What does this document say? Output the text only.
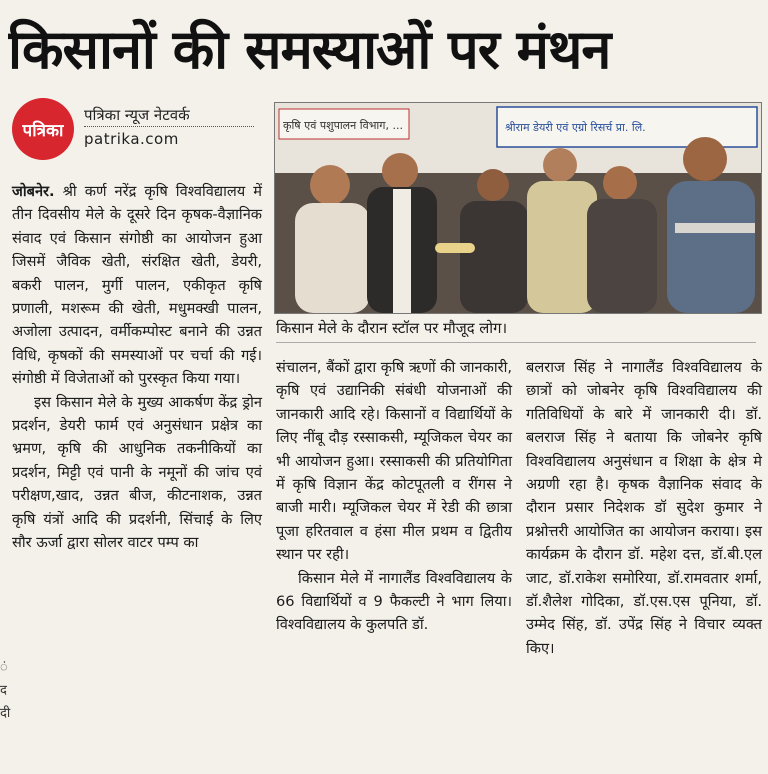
किसानों की समस्याओं पर मंथन
पत्रिका
पत्रिका न्यूज नेटवर्क
patrika.com

जोबनेर. श्री कर्ण नरेंद्र कृषि विश्वविद्यालय में तीन दिवसीय मेले के दूसरे दिन कृषक-वैज्ञानिक संवाद एवं किसान संगोष्ठी का आयोजन हुआ जिसमें जैविक खेती, संरक्षित खेती, डेयरी, बकरी पालन, मुर्गी पालन, एकीकृत कृषि प्रणाली, मशरूम की खेती, मधुमक्खी पालन, अजोला उत्पादन, वर्मीकम्पोस्ट बनाने की उन्नत विधि, कृषकों की समस्याओं पर चर्चा की गई। संगोष्ठी में विजेताओं को पुरस्कृत किया गया।

इस किसान मेले के मुख्य आकर्षण केंद्र ड्रोन प्रदर्शन, डेयरी फार्म एवं अनुसंधान प्रक्षेत्र का भ्रमण, कृषि की आधुनिक तकनीकियों का प्रदर्शन, मिट्टी एवं पानी के नमूनों की जांच एवं परीक्षण,खाद, उन्नत बीज, कीटनाशक, उन्नत कृषि यंत्रों आदि की प्रदर्शनी, सिंचाई के लिए सौर ऊर्जा द्वारा सोलर वाटर पम्प का

कृषि एवं पशुपालन विभाग, ...	श्रीराम डेयरी एवं एग्रो रिसर्च प्रा. लि.
किसान मेले के दौरान स्टॉल पर मौजूद लोग।

संचालन, बैंकों द्वारा कृषि ऋणों की जानकारी, कृषि एवं उद्यानिकी संबंधी योजनाओं की जानकारी आदि रहे। किसानों व विद्यार्थियों के लिए नींबू दौड़ रस्साकसी, म्यूजिकल चेयर का भी आयोजन हुआ। रस्साकसी की प्रतियोगिता में कृषि विज्ञान केंद्र कोटपूतली व रींगस ने बाजी मारी। म्यूजिकल चेयर में रेडी की छात्रा पूजा हरितवाल व हंसा मील प्रथम व द्वितीय स्थान पर रही।

किसान मेले में नागालैंड विश्वविद्यालय के 66 विद्यार्थियों व 9 फैकल्टी ने भाग लिया। विश्वविद्यालय के कुलपति डॉ.

बलराज सिंह ने नागालैंड विश्वविद्यालय के छात्रों को जोबनेर कृषि विश्वविद्यालय की गतिविधियों के बारे में जानकारी दी। डॉ. बलराज सिंह ने बताया कि जोबनेर कृषि विश्वविद्यालय अनुसंधान व शिक्षा के क्षेत्र मे अग्रणी रहा है। कृषक वैज्ञानिक संवाद के दौरान प्रसार निदेशक डॉ सुदेश कुमार ने प्रश्नोत्तरी आयोजित का आयोजन कराया। इस कार्यक्रम के दौरान डॉ. महेश दत्त, डॉ.बी.एल जाट, डॉ.राकेश समोरिया, डॉ.रामवतार शर्मा, डॉ.शैलेश गोदिका, डॉ.एस.एस पूनिया, डॉ. उम्मेद सिंह, डॉ. उपेंद्र सिंह ने विचार व्यक्त किए।

ं
द
दी
